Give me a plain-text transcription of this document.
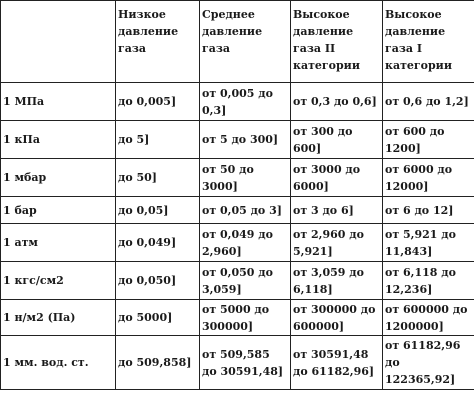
	Низкое давление газа	Среднее давление газа	Высокое давление газа II категории	Высокое давление газа I категории
1 МПа	до 0,005]	от 0,005 до 0,3]	от 0,3 до 0,6]	от 0,6 до 1,2]
1 кПа	до 5]	от 5 до 300]	от 300 до 600]	от 600 до 1200]
1 мбар	до 50]	от 50 до 3000]	от 3000 до 6000]	от 6000 до 12000]
1 бар	до 0,05]	от 0,05 до 3]	от 3 до 6]	от 6 до 12]
1 атм	до 0,049]	от 0,049 до 2,960]	от 2,960 до 5,921]	от 5,921 до 11,843]
1 кгс/см2	до 0,050]	от 0,050 до 3,059]	от 3,059 до 6,118]	от 6,118 до 12,236]
1 н/м2 (Па)	до 5000]	от 5000 до 300000]	от 300000 до 600000]	от 600000 до 1200000]
1 мм. вод. ст.	до 509,858]	от 509,585 до 30591,48]	от 30591,48 до 61182,96]	от 61182,96 до 122365,92]
